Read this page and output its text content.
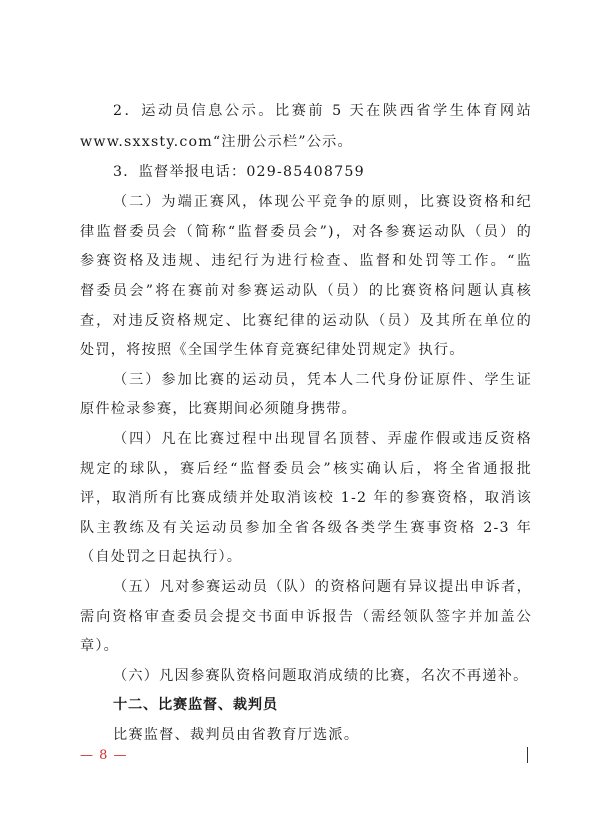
2．运动员信息公示。比赛前 5 天在陕西省学生体育网站
www.sxxsty.com“注册公示栏”公示。
3．监督举报电话：029-85408759
（二）为端正赛风，体现公平竞争的原则，比赛设资格和纪
律监督委员会（简称“监督委员会”)，对各参赛运动队（员）的
参赛资格及违规、违纪行为进行检查、监督和处罚等工作。“监
督委员会”将在赛前对参赛运动队（员）的比赛资格问题认真核
查，对违反资格规定、比赛纪律的运动队（员）及其所在单位的
处罚，将按照《全国学生体育竞赛纪律处罚规定》执行。
（三）参加比赛的运动员，凭本人二代身份证原件、学生证
原件检录参赛，比赛期间必须随身携带。
（四）凡在比赛过程中出现冒名顶替、弄虚作假或违反资格
规定的球队，赛后经“监督委员会”核实确认后，将全省通报批
评，取消所有比赛成绩并处取消该校 1-2 年的参赛资格，取消该
队主教练及有关运动员参加全省各级各类学生赛事资格 2-3 年
（自处罚之日起执行）。
（五）凡对参赛运动员（队）的资格问题有异议提出申诉者，
需向资格审查委员会提交书面申诉报告（需经领队签字并加盖公
章）。
（六）凡因参赛队资格问题取消成绩的比赛，名次不再递补。
十二、比赛监督、裁判员
比赛监督、裁判员由省教育厅选派。
— 8 —
